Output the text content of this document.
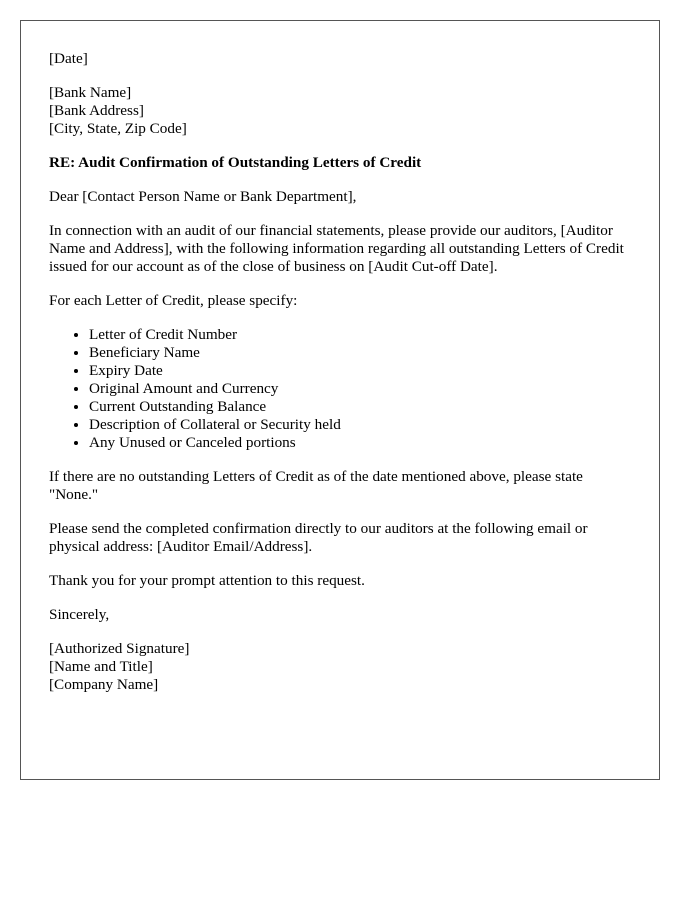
[Date]

[Bank Name]
[Bank Address]
[City, State, Zip Code]

RE: Audit Confirmation of Outstanding Letters of Credit

Dear [Contact Person Name or Bank Department],

In connection with an audit of our financial statements, please provide our auditors, [Auditor Name and Address], with the following information regarding all outstanding Letters of Credit issued for our account as of the close of business on [Audit Cut-off Date].

For each Letter of Credit, please specify:

• Letter of Credit Number
• Beneficiary Name
• Expiry Date
• Original Amount and Currency
• Current Outstanding Balance
• Description of Collateral or Security held
• Any Unused or Canceled portions

If there are no outstanding Letters of Credit as of the date mentioned above, please state "None."

Please send the completed confirmation directly to our auditors at the following email or physical address: [Auditor Email/Address].

Thank you for your prompt attention to this request.

Sincerely,

[Authorized Signature]
[Name and Title]
[Company Name]
